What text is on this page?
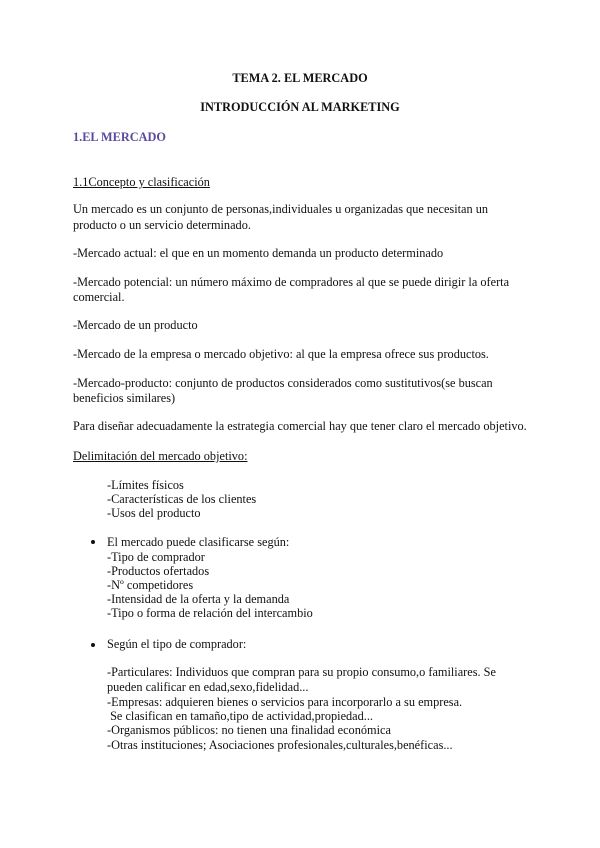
TEMA 2. EL MERCADO

INTRODUCCIÓN AL MARKETING

1.EL MERCADO

1.1Concepto y clasificación

Un mercado es un conjunto de personas,individuales u organizadas que necesitan un

producto o un servicio determinado.

-Mercado actual: el que en un momento demanda un producto determinado

-Mercado potencial: un número máximo de compradores al que se puede dirigir la oferta

comercial.

-Mercado de un producto

-Mercado de la empresa o mercado objetivo: al que la empresa ofrece sus productos.

-Mercado-producto: conjunto de productos considerados como sustitutivos(se buscan

beneficios similares)

Para diseñar adecuadamente la estrategia comercial hay que tener claro el mercado objetivo.

Delimitación del mercado objetivo:

-Límites físicos

-Características de los clientes

-Usos del producto

El mercado puede clasificarse según:

-Tipo de comprador

-Productos ofertados

-Nº competidores

-Intensidad de la oferta y la demanda

-Tipo o forma de relación del intercambio

Según el tipo de comprador:

-Particulares: Individuos que compran para su propio consumo,o familiares. Se

pueden calificar en edad,sexo,fidelidad...

-Empresas: adquieren bienes o servicios para incorporarlo a su empresa.

Se clasifican en tamaño,tipo de actividad,propiedad...

-Organismos públicos: no tienen una finalidad económica

-Otras instituciones; Asociaciones profesionales,culturales,benéficas...
